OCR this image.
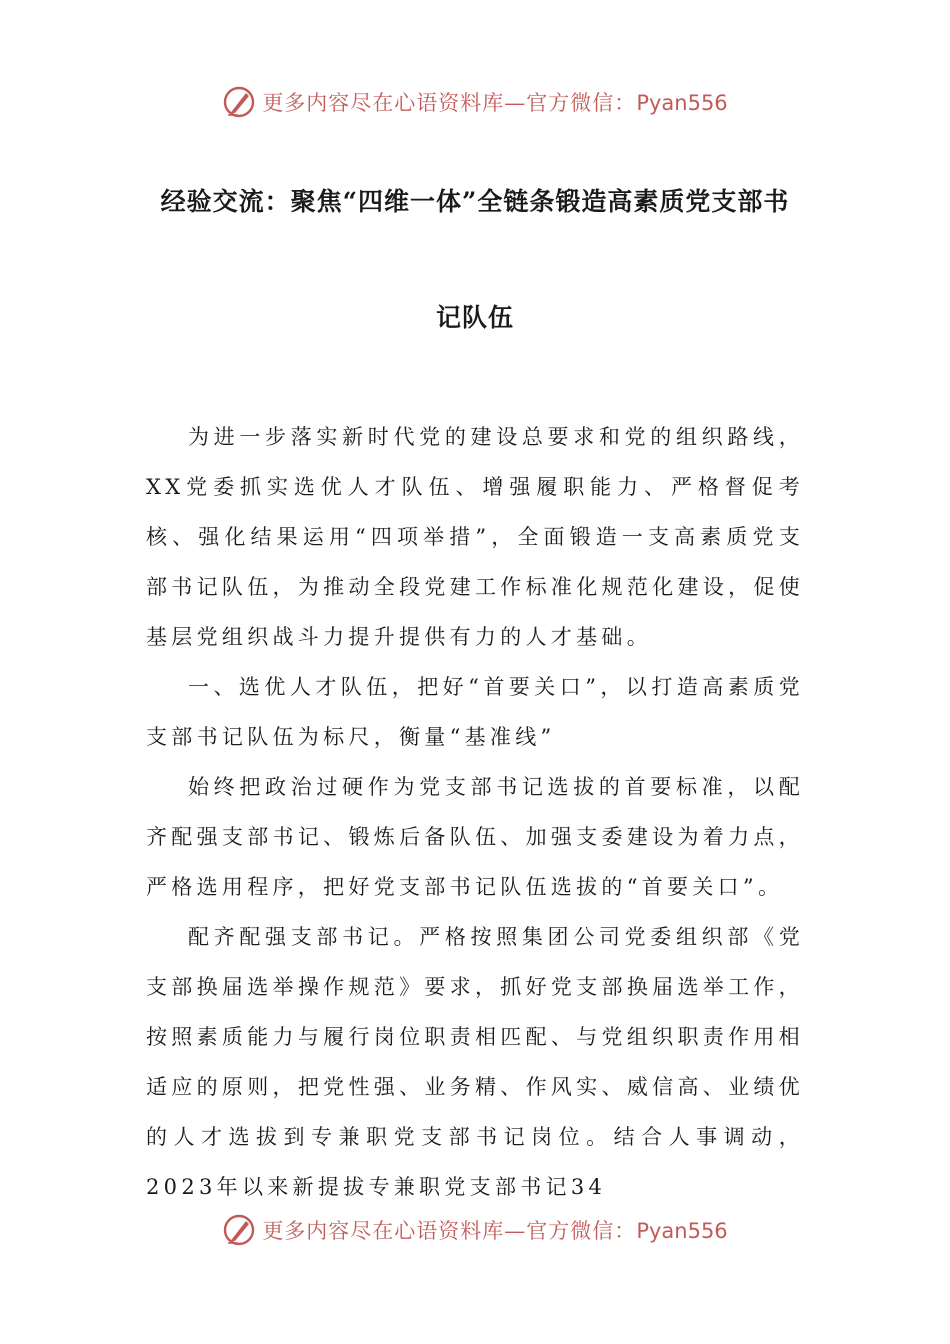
更多内容尽在心语资料库—官方微信：Pyan556
经验交流：聚焦“四维一体”全链条锻造高素质党支部书
记队伍

为进一步落实新时代党的建设总要求和党的组织路线，XX党委抓实选优人才队伍、增强履职能力、严格督促考核、强化结果运用“四项举措”，全面锻造一支高素质党支部书记队伍，为推动全段党建工作标准化规范化建设，促使基层党组织战斗力提升提供有力的人才基础。

一、选优人才队伍，把好“首要关口”，以打造高素质党支部书记队伍为标尺，衡量“基准线”

始终把政治过硬作为党支部书记选拔的首要标准，以配齐配强支部书记、锻炼后备队伍、加强支委建设为着力点，严格选用程序，把好党支部书记队伍选拔的“首要关口”。

配齐配强支部书记。严格按照集团公司党委组织部《党支部换届选举操作规范》要求，抓好党支部换届选举工作，按照素质能力与履行岗位职责相匹配、与党组织职责作用相适应的原则，把党性强、业务精、作风实、威信高、业绩优的人才选拔到专兼职党支部书记岗位。结合人事调动，2023年以来新提拔专兼职党支部书记34

更多内容尽在心语资料库—官方微信：Pyan556
